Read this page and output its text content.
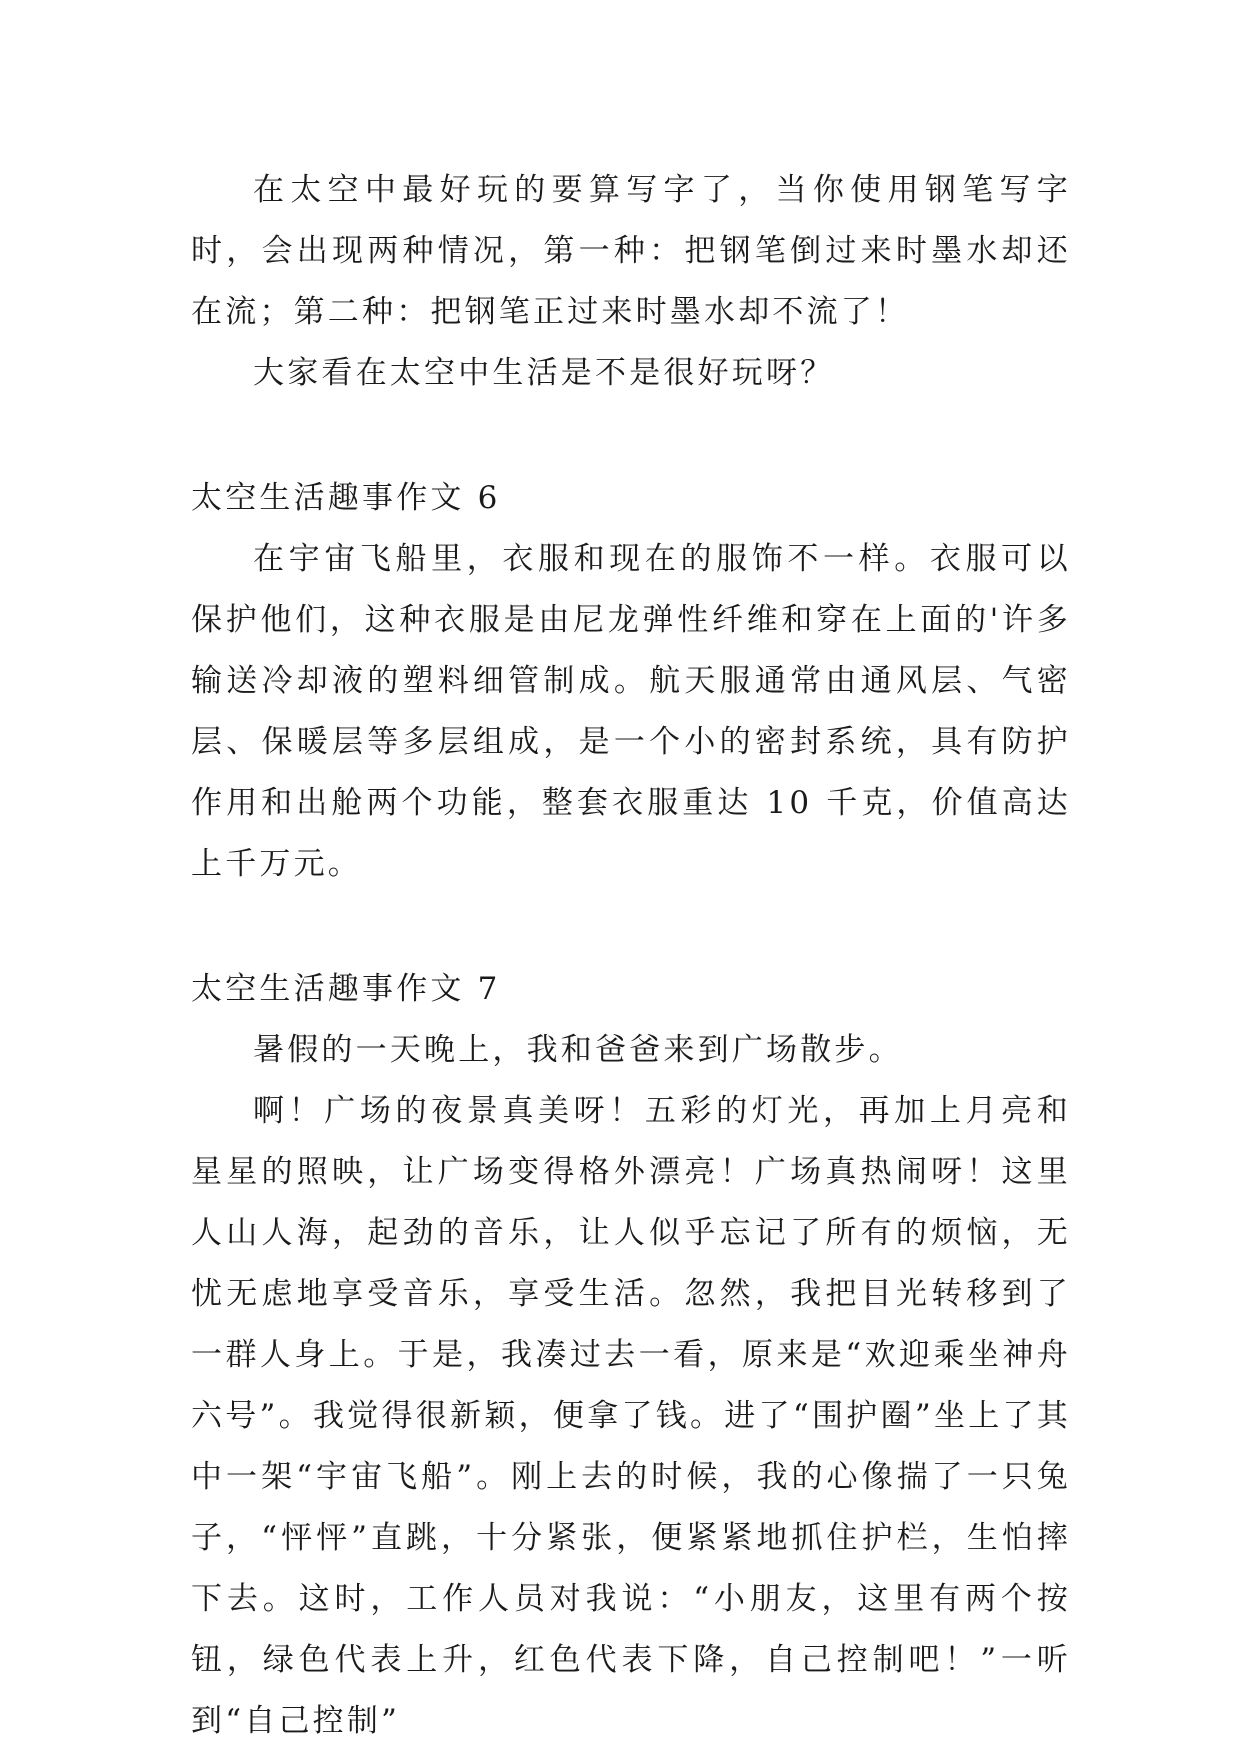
在太空中最好玩的要算写字了，当你使用钢笔写字时，会出现两种情况，第一种：把钢笔倒过来时墨水却还在流；第二种：把钢笔正过来时墨水却不流了！

大家看在太空中生活是不是很好玩呀？

太空生活趣事作文 6

在宇宙飞船里，衣服和现在的服饰不一样。衣服可以保护他们，这种衣服是由尼龙弹性纤维和穿在上面的'许多输送冷却液的塑料细管制成。航天服通常由通风层、气密层、保暖层等多层组成，是一个小的密封系统，具有防护作用和出舱两个功能，整套衣服重达 10 千克，价值高达上千万元。

太空生活趣事作文 7

暑假的一天晚上，我和爸爸来到广场散步。

啊！广场的夜景真美呀！五彩的灯光，再加上月亮和星星的照映，让广场变得格外漂亮！广场真热闹呀！这里人山人海，起劲的音乐，让人似乎忘记了所有的烦恼，无忧无虑地享受音乐，享受生活。忽然，我把目光转移到了一群人身上。于是，我凑过去一看，原来是“欢迎乘坐神舟六号”。我觉得很新颖，便拿了钱。进了“围护圈”坐上了其中一架“宇宙飞船”。刚上去的时候，我的心像揣了一只兔子，“怦怦”直跳，十分紧张，便紧紧地抓住护栏，生怕摔下去。这时，工作人员对我说：“小朋友，这里有两个按钮，绿色代表上升，红色代表下降，自己控制吧！”一听到“自己控制”
